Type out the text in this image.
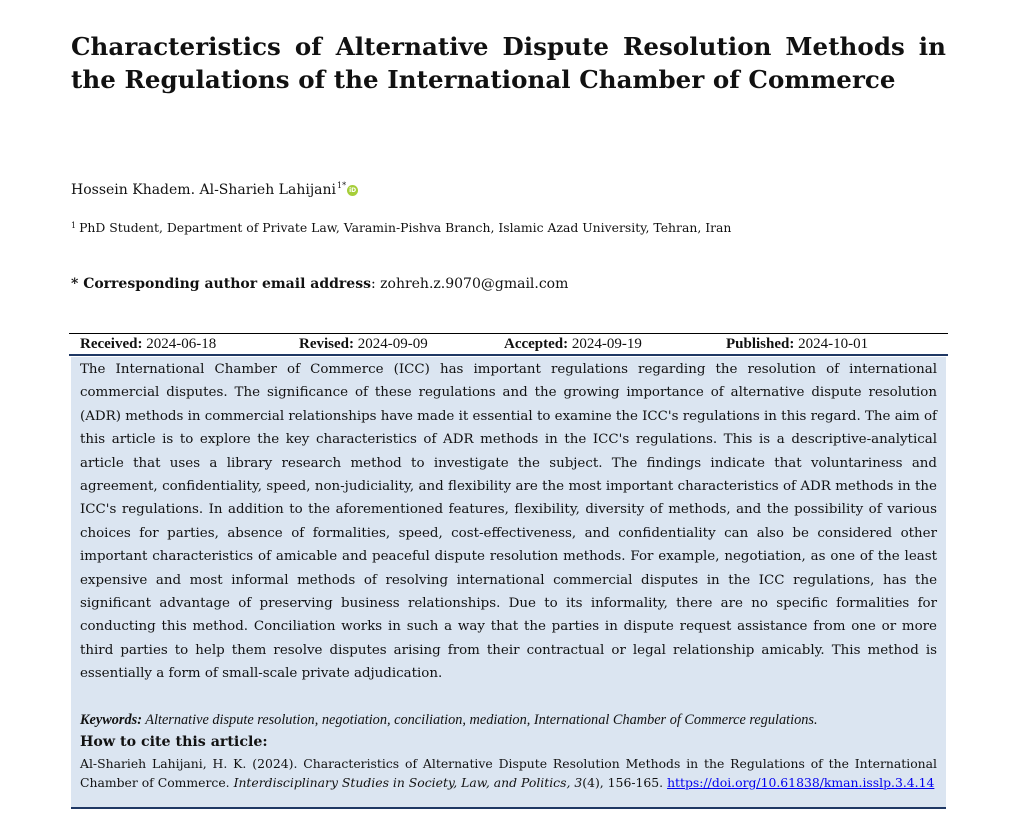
Characteristics of Alternative Dispute Resolution Methods in the Regulations of the International Chamber of Commerce
Hossein Khadem. Al-Sharieh Lahijani$^{1*}$iD
$^1$ PhD Student, Department of Private Law, Varamin-Pishva Branch, Islamic Azad University, Tehran, Iran
* Corresponding author email address: zohreh.z.9070@gmail.com
Received: 2024-06-18	Revised: 2024-09-09	Accepted: 2024-09-19	Published: 2024-10-01

The International Chamber of Commerce (ICC) has important regulations regarding the resolution of international commercial disputes. The significance of these regulations and the growing importance of alternative dispute resolution (ADR) methods in commercial relationships have made it essential to examine the ICC's regulations in this regard. The aim of this article is to explore the key characteristics of ADR methods in the ICC's regulations. This is a descriptive-analytical article that uses a library research method to investigate the subject. The findings indicate that voluntariness and agreement, confidentiality, speed, non-judiciality, and flexibility are the most important characteristics of ADR methods in the ICC's regulations. In addition to the aforementioned features, flexibility, diversity of methods, and the possibility of various choices for parties, absence of formalities, speed, cost-effectiveness, and confidentiality can also be considered other important characteristics of amicable and peaceful dispute resolution methods. For example, negotiation, as one of the least expensive and most informal methods of resolving international commercial disputes in the ICC regulations, has the significant advantage of preserving business relationships. Due to its informality, there are no specific formalities for conducting this method. Conciliation works in such a way that the parties in dispute request assistance from one or more third parties to help them resolve disputes arising from their contractual or legal relationship amicably. This method is essentially a form of small-scale private adjudication.

Keywords: Alternative dispute resolution, negotiation, conciliation, mediation, International Chamber of Commerce regulations.

How to cite this article:

Al-Sharieh Lahijani, H. K. (2024). Characteristics of Alternative Dispute Resolution Methods in the Regulations of the International Chamber of Commerce. Interdisciplinary Studies in Society, Law, and Politics, 3(4), 156-165. https://doi.org/10.61838/kman.isslp.3.4.14
